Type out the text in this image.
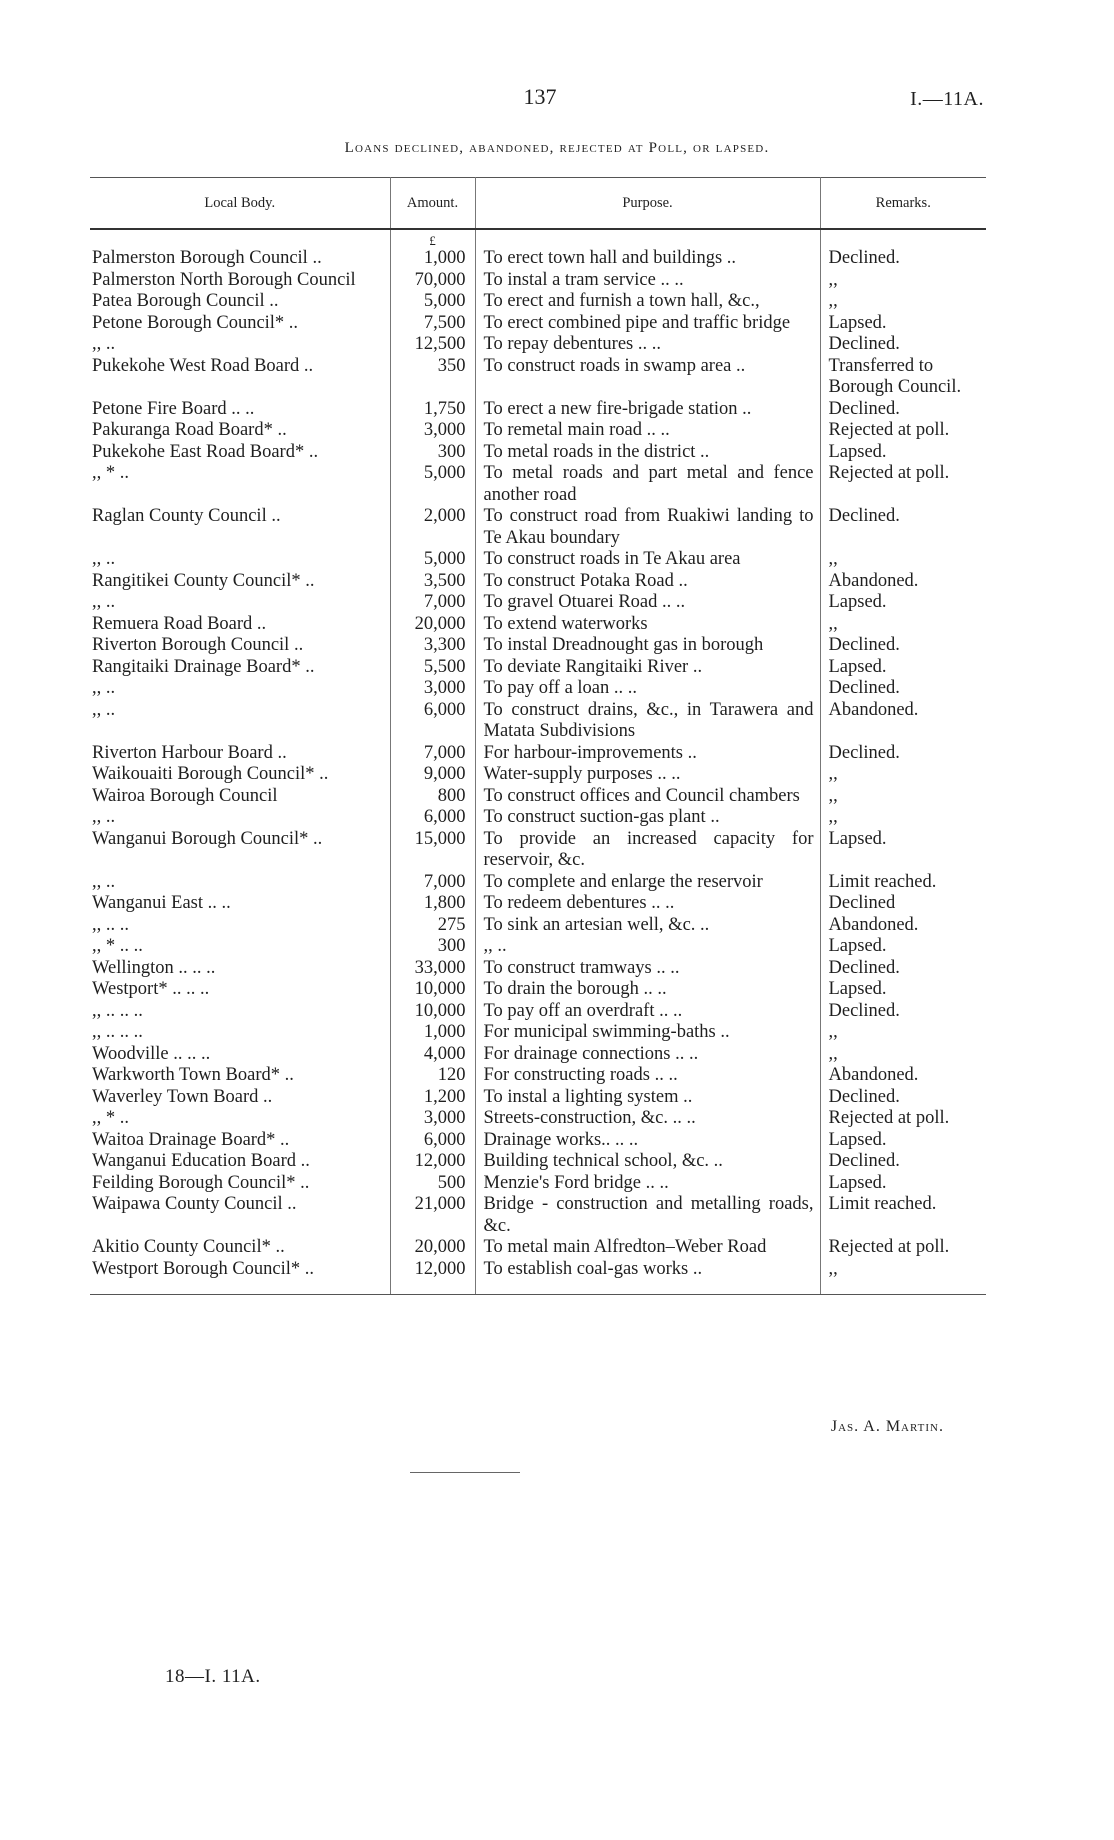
137	I.—11A.
Loans declined, abandoned, rejected at Poll, or lapsed.
Local Body.	Amount.	Purpose.	Remarks.
	£		
Palmerston Borough Council ..	1,000	To erect town hall and buildings ..	Declined.
Palmerston North Borough Council	70,000	To instal a tram service .. ..	,,
Patea Borough Council ..	5,000	To erect and furnish a town hall, &c.,	,,
Petone Borough Council* ..	7,500	To erect combined pipe and traffic bridge	Lapsed.
,, ..	12,500	To repay debentures .. ..	Declined.
Pukekohe West Road Board ..	350	To construct roads in swamp area ..	Transferred to Borough Council.
Petone Fire Board .. ..	1,750	To erect a new fire-brigade station ..	Declined.
Pakuranga Road Board* ..	3,000	To remetal main road .. ..	Rejected at poll.
Pukekohe East Road Board* ..	300	To metal roads in the district ..	Lapsed.
,, * ..	5,000	To metal roads and part metal and fence another road	Rejected at poll.
Raglan County Council ..	2,000	To construct road from Ruakiwi landing to Te Akau boundary	Declined.
,, ..	5,000	To construct roads in Te Akau area	,,
Rangitikei County Council* ..	3,500	To construct Potaka Road ..	Abandoned.
,, ..	7,000	To gravel Otuarei Road .. ..	Lapsed.
Remuera Road Board ..	20,000	To extend waterworks	,,
Riverton Borough Council ..	3,300	To instal Dreadnought gas in borough	Declined.
Rangitaiki Drainage Board* ..	5,500	To deviate Rangitaiki River ..	Lapsed.
,, ..	3,000	To pay off a loan .. ..	Declined.
,, ..	6,000	To construct drains, &c., in Tarawera and Matata Subdivisions	Abandoned.
Riverton Harbour Board ..	7,000	For harbour-improvements ..	Declined.
Waikouaiti Borough Council* ..	9,000	Water-supply purposes .. ..	,,
Wairoa Borough Council	800	To construct offices and Council chambers	,,
,, ..	6,000	To construct suction-gas plant ..	,,
Wanganui Borough Council* ..	15,000	To provide an increased capacity for reservoir, &c.	Lapsed.
,, ..	7,000	To complete and enlarge the reservoir	Limit reached.
Wanganui East .. ..	1,800	To redeem debentures .. ..	Declined
,, .. ..	275	To sink an artesian well, &c. ..	Abandoned.
,, * .. ..	300	,, ..	Lapsed.
Wellington .. .. ..	33,000	To construct tramways .. ..	Declined.
Westport* .. .. ..	10,000	To drain the borough .. ..	Lapsed.
,, .. .. ..	10,000	To pay off an overdraft .. ..	Declined.
,, .. .. ..	1,000	For municipal swimming-baths ..	,,
Woodville .. .. ..	4,000	For drainage connections .. ..	,,
Warkworth Town Board* ..	120	For constructing roads .. ..	Abandoned.
Waverley Town Board ..	1,200	To instal a lighting system ..	Declined.
,, * ..	3,000	Streets-construction, &c. .. ..	Rejected at poll.
Waitoa Drainage Board* ..	6,000	Drainage works.. .. ..	Lapsed.
Wanganui Education Board ..	12,000	Building technical school, &c. ..	Declined.
Feilding Borough Council* ..	500	Menzie's Ford bridge .. ..	Lapsed.
Waipawa County Council ..	21,000	Bridge - construction and metalling roads, &c.	Limit reached.
Akitio County Council* ..	20,000	To metal main Alfredton–Weber Road	Rejected at poll.
Westport Borough Council* ..	12,000	To establish coal-gas works ..	,,

Jas. A. Martin.
18—I. 11A.
